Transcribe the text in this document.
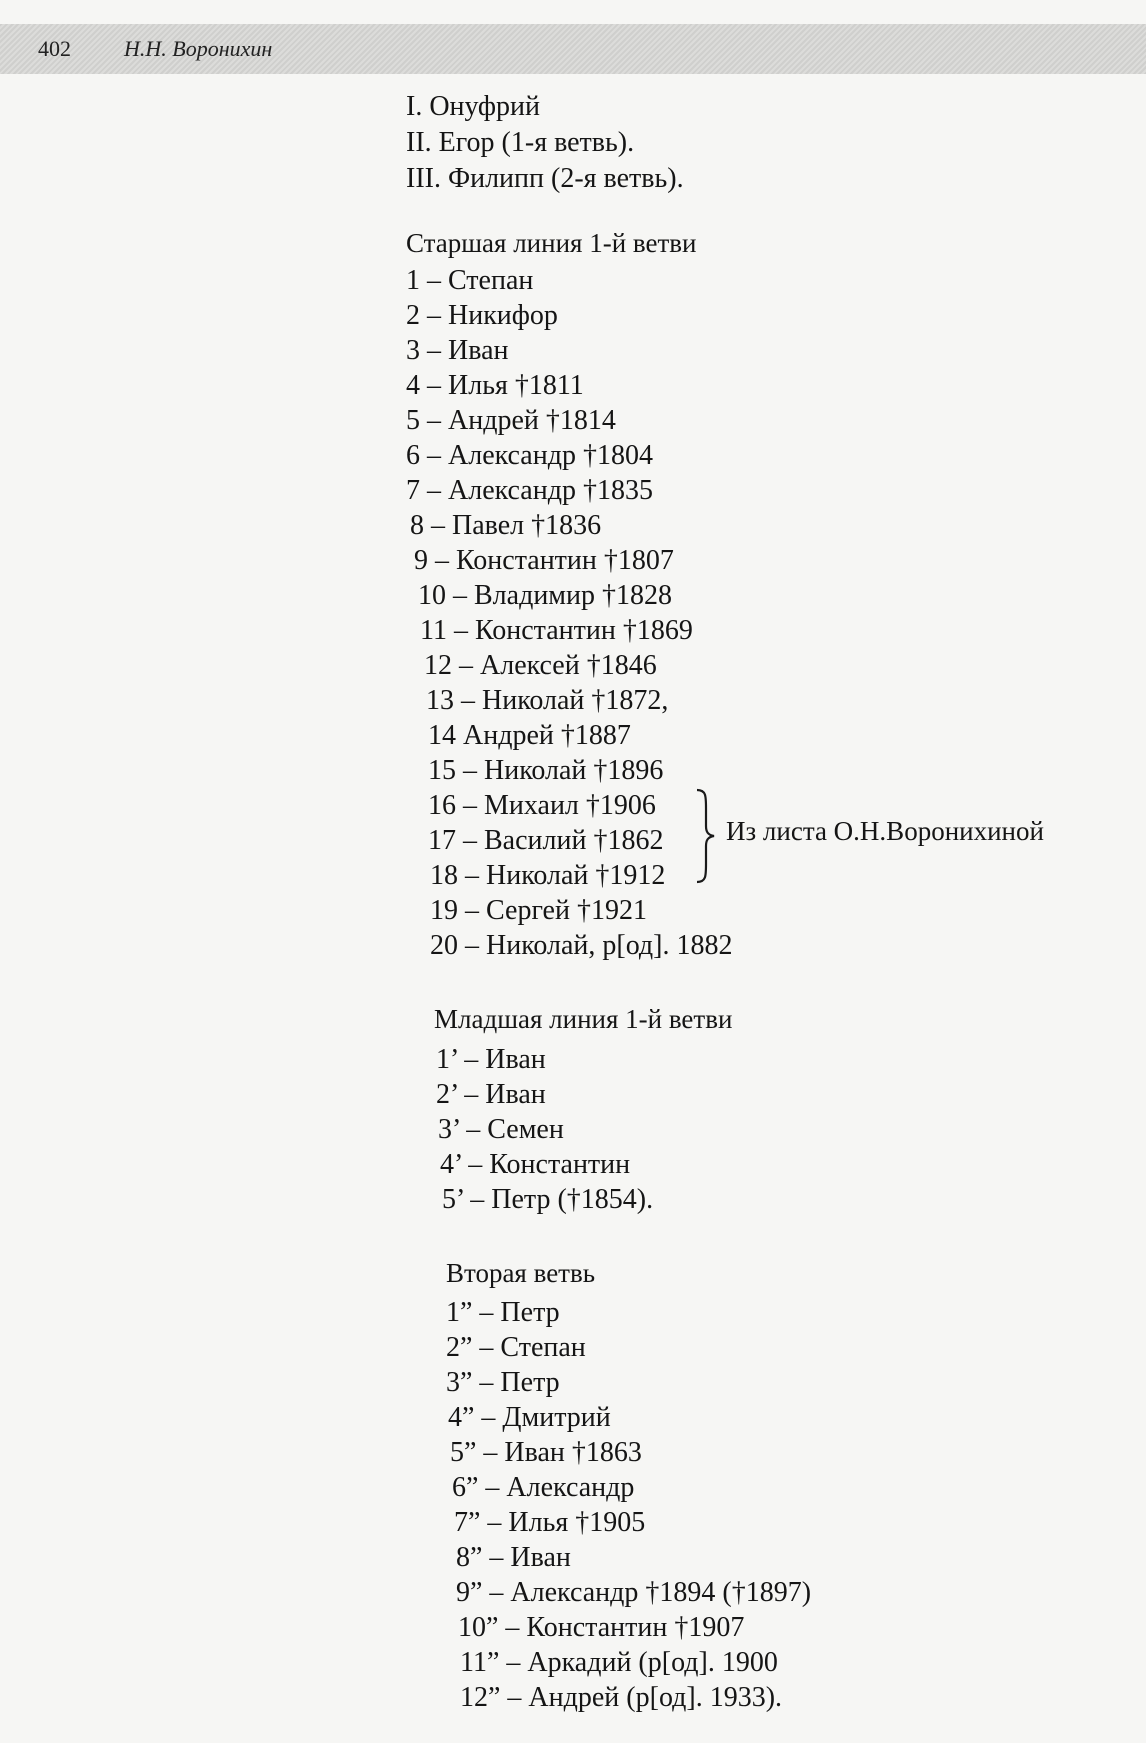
402 Н.Н. Воронихин
I. Онуфрий
II. Егор (1-я ветвь).
III. Филипп (2-я ветвь).
Старшая линия 1-й ветви
1 – Степан
2 – Никифор
3 – Иван
4 – Илья †1811
5 – Андрей †1814
6 – Александр †1804
7 – Александр †1835
8 – Павел †1836
9 – Константин †1807
10 – Владимир †1828
11 – Константин †1869
12 – Алексей †1846
13 – Николай †1872,
14 Андрей †1887
15 – Николай †1896
16 – Михаил †1906
17 – Василий †1862
18 – Николай †1912
19 – Сергей †1921
20 – Николай, р[од]. 1882
Из листа О.Н.Воронихиной
Младшая линия 1-й ветви
1’ – Иван
2’ – Иван
3’ – Семен
4’ – Константин
5’ – Петр (†1854).
Вторая ветвь
1” – Петр
2” – Степан
3” – Петр
4” – Дмитрий
5” – Иван †1863
6” – Александр
7” – Илья †1905
8” – Иван
9” – Александр †1894 (†1897)
10” – Константин †1907
11” – Аркадий (р[од]. 1900
12” – Андрей (р[од]. 1933).
